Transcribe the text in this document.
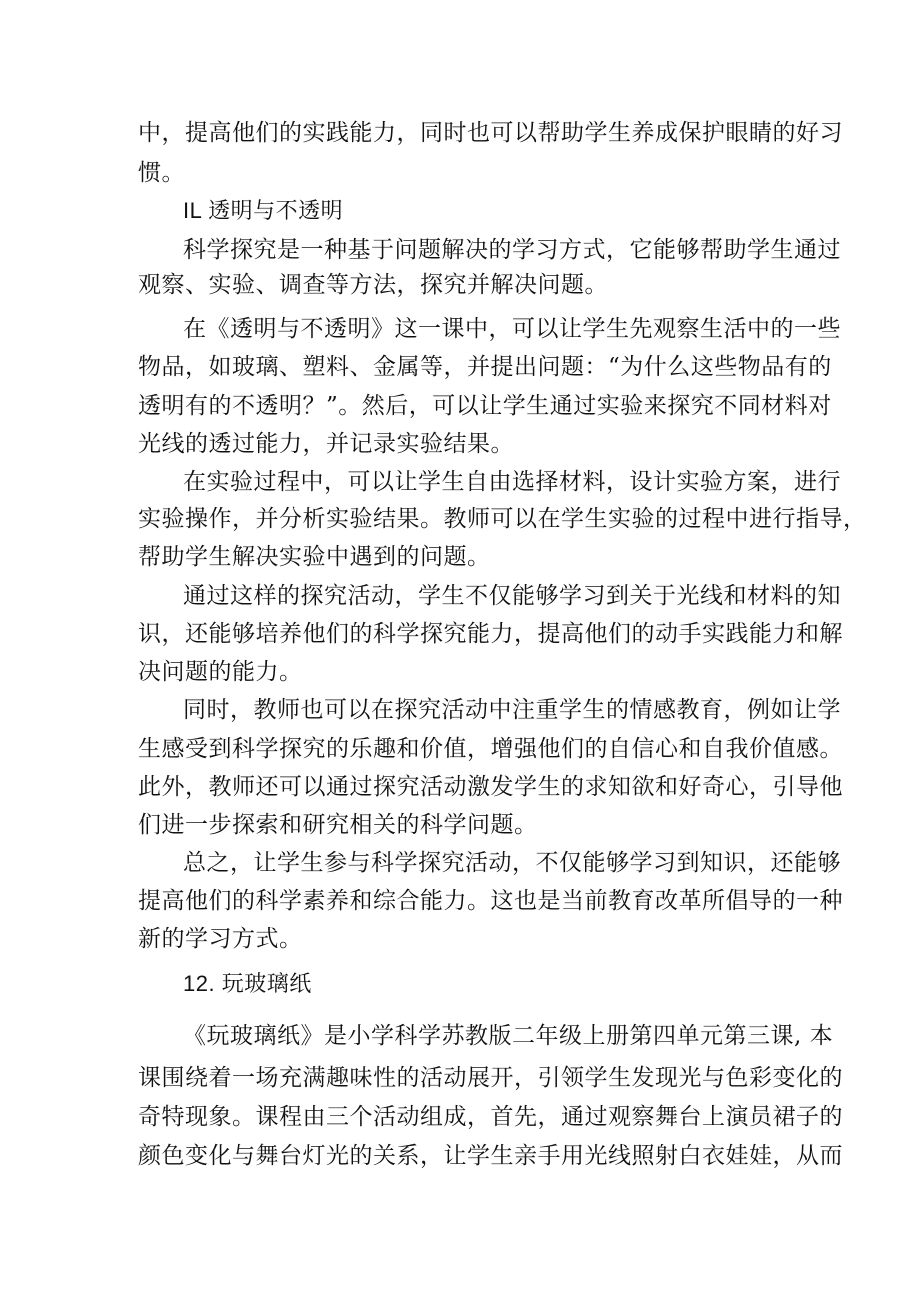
中，提高他们的实践能力，同时也可以帮助学生养成保护眼睛的好习
惯。
IL 透明与不透明
科学探究是一种基于问题解决的学习方式，它能够帮助学生通过
观察、实验、调查等方法，探究并解决问题。
在《透明与不透明》这一课中，可以让学生先观察生活中的一些
物品，如玻璃、塑料、金属等，并提出问题：“为什么这些物品有的
透明有的不透明？”。然后，可以让学生通过实验来探究不同材料对
光线的透过能力，并记录实验结果。
在实验过程中，可以让学生自由选择材料，设计实验方案，进行
实验操作，并分析实验结果。教师可以在学生实验的过程中进行指导，
帮助学生解决实验中遇到的问题。
通过这样的探究活动，学生不仅能够学习到关于光线和材料的知
识，还能够培养他们的科学探究能力，提高他们的动手实践能力和解
决问题的能力。
同时，教师也可以在探究活动中注重学生的情感教育，例如让学
生感受到科学探究的乐趣和价值，增强他们的自信心和自我价值感。
此外，教师还可以通过探究活动激发学生的求知欲和好奇心，引导他
们进一步探索和研究相关的科学问题。
总之，让学生参与科学探究活动，不仅能够学习到知识，还能够
提高他们的科学素养和综合能力。这也是当前教育改革所倡导的一种
新的学习方式。
12. 玩玻璃纸
《玩玻璃纸》是小学科学苏教版二年级上册第四单元第三课, 本
课围绕着一场充满趣味性的活动展开，引领学生发现光与色彩变化的
奇特现象。课程由三个活动组成，首先，通过观察舞台上演员裙子的
颜色变化与舞台灯光的关系，让学生亲手用光线照射白衣娃娃，从而
